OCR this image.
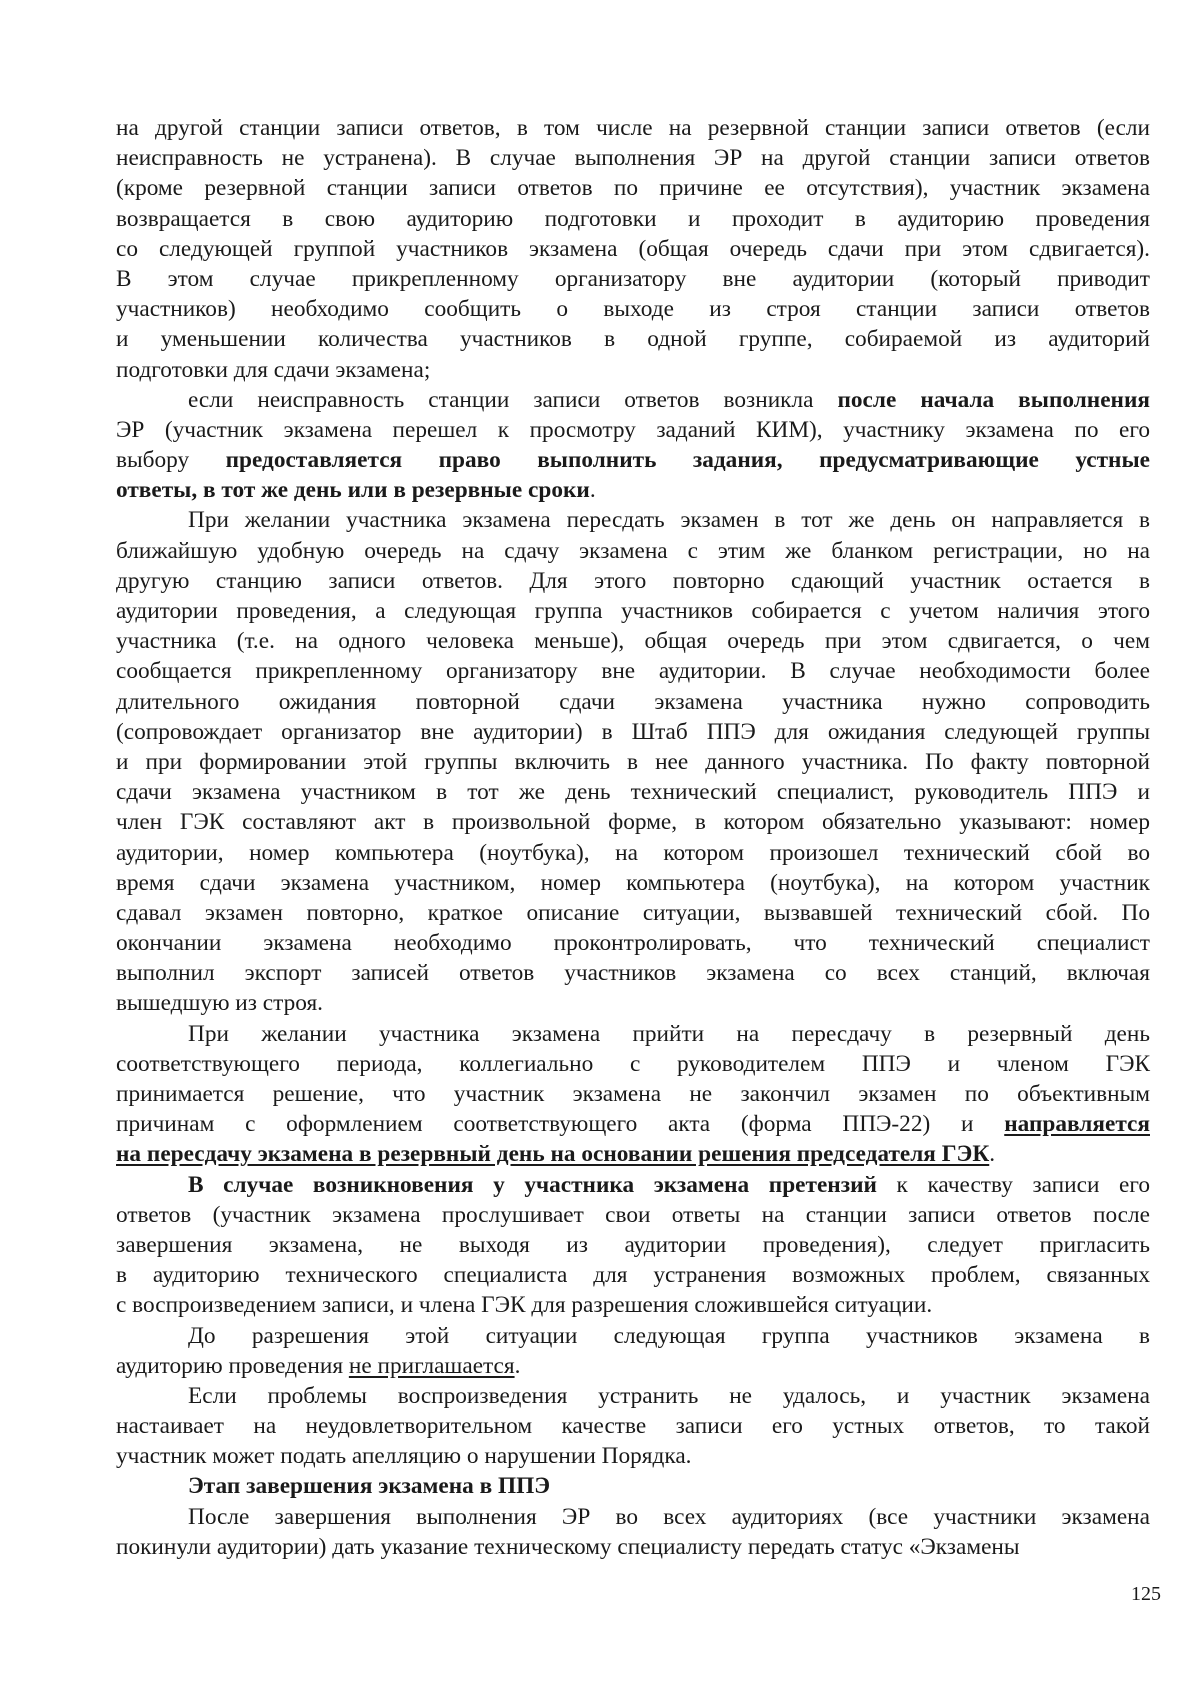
на другой станции записи ответов, в том числе на резервной станции записи ответов (если
неисправность не устранена). В случае выполнения ЭР на другой станции записи ответов
(кроме резервной станции записи ответов по причине ее отсутствия), участник экзамена
возвращается в свою аудиторию подготовки и проходит в аудиторию проведения
со следующей группой участников экзамена (общая очередь сдачи при этом сдвигается).
В этом случае прикрепленному организатору вне аудитории (который приводит
участников) необходимо сообщить о выходе из строя станции записи ответов
и уменьшении количества участников в одной группе, собираемой из аудиторий
подготовки для сдачи экзамена;
если неисправность станции записи ответов возникла после начала выполнения
ЭР (участник экзамена перешел к просмотру заданий КИМ), участнику экзамена по его
выбору предоставляется право выполнить задания, предусматривающие устные
ответы, в тот же день или в резервные сроки.
При желании участника экзамена пересдать экзамен в тот же день он направляется в
ближайшую удобную очередь на сдачу экзамена с этим же бланком регистрации, но на
другую станцию записи ответов. Для этого повторно сдающий участник остается в
аудитории проведения, а следующая группа участников собирается с учетом наличия этого
участника (т.е. на одного человека меньше), общая очередь при этом сдвигается, о чем
сообщается прикрепленному организатору вне аудитории. В случае необходимости более
длительного ожидания повторной сдачи экзамена участника нужно сопроводить
(сопровождает организатор вне аудитории) в Штаб ППЭ для ожидания следующей группы
и при формировании этой группы включить в нее данного участника. По факту повторной
сдачи экзамена участником в тот же день технический специалист, руководитель ППЭ и
член ГЭК составляют акт в произвольной форме, в котором обязательно указывают: номер
аудитории, номер компьютера (ноутбука), на котором произошел технический сбой во
время сдачи экзамена участником, номер компьютера (ноутбука), на котором участник
сдавал экзамен повторно, краткое описание ситуации, вызвавшей технический сбой. По
окончании экзамена необходимо проконтролировать, что технический специалист
выполнил экспорт записей ответов участников экзамена со всех станций, включая
вышедшую из строя.
При желании участника экзамена прийти на пересдачу в резервный день
соответствующего периода, коллегиально с руководителем ППЭ и членом ГЭК
принимается решение, что участник экзамена не закончил экзамен по объективным
причинам с оформлением соответствующего акта (форма ППЭ-22) и направляется
на пересдачу экзамена в резервный день на основании решения председателя ГЭК.
В случае возникновения у участника экзамена претензий к качеству записи его
ответов (участник экзамена прослушивает свои ответы на станции записи ответов после
завершения экзамена, не выходя из аудитории проведения), следует пригласить
в аудиторию технического специалиста для устранения возможных проблем, связанных
с воспроизведением записи, и члена ГЭК для разрешения сложившейся ситуации.
До разрешения этой ситуации следующая группа участников экзамена в
аудиторию проведения не приглашается.
Если проблемы воспроизведения устранить не удалось, и участник экзамена
настаивает на неудовлетворительном качестве записи его устных ответов, то такой
участник может подать апелляцию о нарушении Порядка.
Этап завершения экзамена в ППЭ
После завершения выполнения ЭР во всех аудиториях (все участники экзамена
покинули аудитории) дать указание техническому специалисту передать статус «Экзамены
125
